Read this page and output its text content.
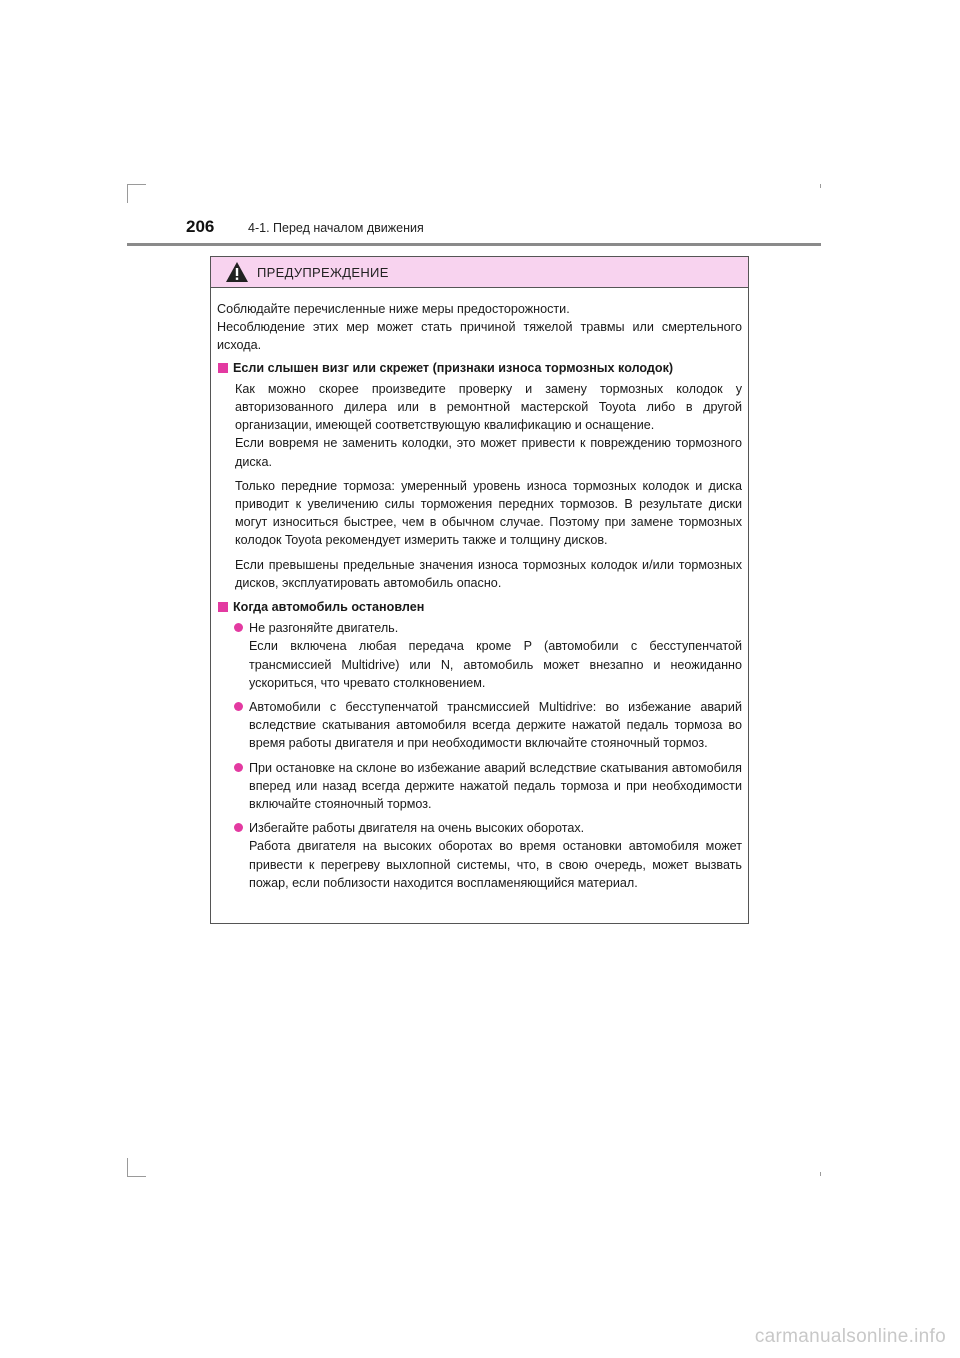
206	4-1. Перед началом движения
ПРЕДУПРЕЖДЕНИЕ

Соблюдайте перечисленные ниже меры предосторожности.

Несоблюдение этих мер может стать причиной тяжелой травмы или смертельного исхода.

Если слышен визг или скрежет (признаки износа тормозных колодок)

Как можно скорее произведите проверку и замену тормозных колодок у авторизованного дилера или в ремонтной мастерской Toyota либо в другой организации, имеющей соответствующую квалификацию и оснащение.

Если вовремя не заменить колодки, это может привести к повреждению тормозного диска.

Только передние тормоза: умеренный уровень износа тормозных колодок и диска приводит к увеличению силы торможения передних тормозов. В результате диски могут износиться быстрее, чем в обычном случае. Поэтому при замене тормозных колодок Toyota рекомендует измерить также и толщину дисков.

Если превышены предельные значения износа тормозных колодок и/или тормозных дисков, эксплуатировать автомобиль опасно.

Когда автомобиль остановлен

Не разгоняйте двигатель.

Если включена любая передача кроме P (автомобили с бесступенчатой трансмиссией Multidrive) или N, автомобиль может внезапно и неожиданно ускориться, что чревато столкновением.

Автомобили с бесступенчатой трансмиссией Multidrive: во избежание аварий вследствие скатывания автомобиля всегда держите нажатой педаль тормоза во время работы двигателя и при необходимости включайте стояночный тормоз.

При остановке на склоне во избежание аварий вследствие скатывания автомобиля вперед или назад всегда держите нажатой педаль тормоза и при необходимости включайте стояночный тормоз.

Избегайте работы двигателя на очень высоких оборотах.

Работа двигателя на высоких оборотах во время остановки автомобиля может привести к перегреву выхлопной системы, что, в свою очередь, может вызвать пожар, если поблизости находится воспламеняющийся материал.

carmanualsonline.info
